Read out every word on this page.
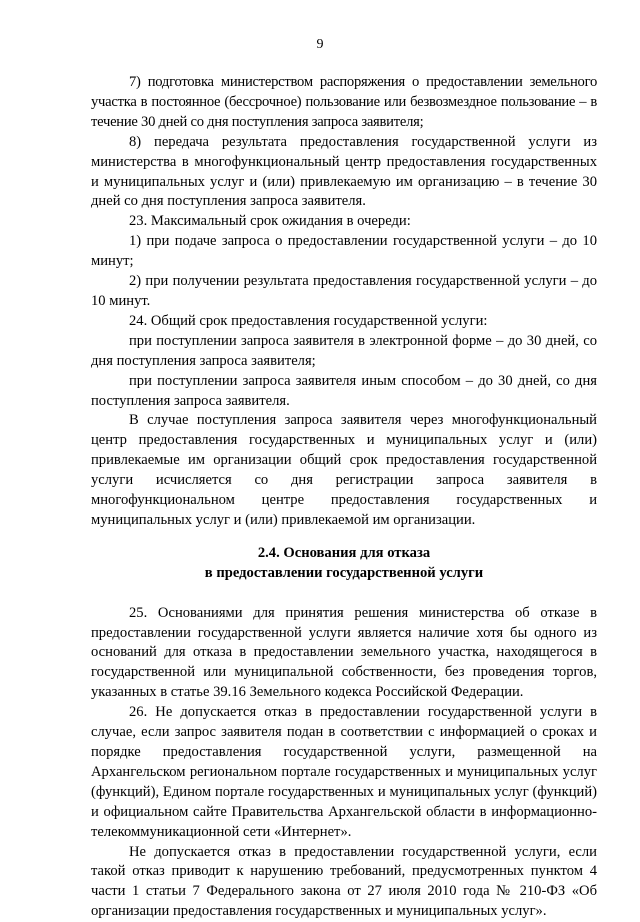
9

7) подготовка министерством распоряжения о предоставлении земельного участка в постоянное (бессрочное) пользование или безвозмездное пользование – в течение 30 дней со дня поступления запроса заявителя;

8) передача результата предоставления государственной услуги из министерства в многофункциональный центр предоставления государственных и муниципальных услуг и (или) привлекаемую им организацию – в течение 30 дней со дня поступления запроса заявителя.

23. Максимальный срок ожидания в очереди:

1) при подаче запроса о предоставлении государственной услуги – до 10 минут;

2) при получении результата предоставления государственной услуги – до 10 минут.

24. Общий срок предоставления государственной услуги:

при поступлении запроса заявителя в электронной форме – до 30 дней, со дня поступления запроса заявителя;

при поступлении запроса заявителя иным способом – до 30 дней, со дня поступления запроса заявителя.

В случае поступления запроса заявителя через многофункциональный центр предоставления государственных и муниципальных услуг и (или) привлекаемые им организации общий срок предоставления государственной услуги исчисляется со дня регистрации запроса заявителя в многофункциональном центре предоставления государственных и муниципальных услуг и (или) привлекаемой им организации.

2.4. Основания для отказа

в предоставлении государственной услуги

25. Основаниями для принятия решения министерства об отказе в предоставлении государственной услуги является наличие хотя бы одного из оснований для отказа в предоставлении земельного участка, находящегося в государственной или муниципальной собственности, без проведения торгов, указанных в статье 39.16 Земельного кодекса Российской Федерации.

26. Не допускается отказ в предоставлении государственной услуги в случае, если запрос заявителя подан в соответствии с информацией о сроках и порядке предоставления государственной услуги, размещенной на Архангельском региональном портале государственных и муниципальных услуг (функций), Едином портале государственных и муниципальных услуг (функций) и официальном сайте Правительства Архангельской области в информационно-телекоммуникационной сети «Интернет».

Не допускается отказ в предоставлении государственной услуги, если такой отказ приводит к нарушению требований, предусмотренных пунктом 4 части 1 статьи 7 Федерального закона от 27 июля 2010 года № 210-ФЗ «Об организации предоставления государственных и муниципальных услуг».
